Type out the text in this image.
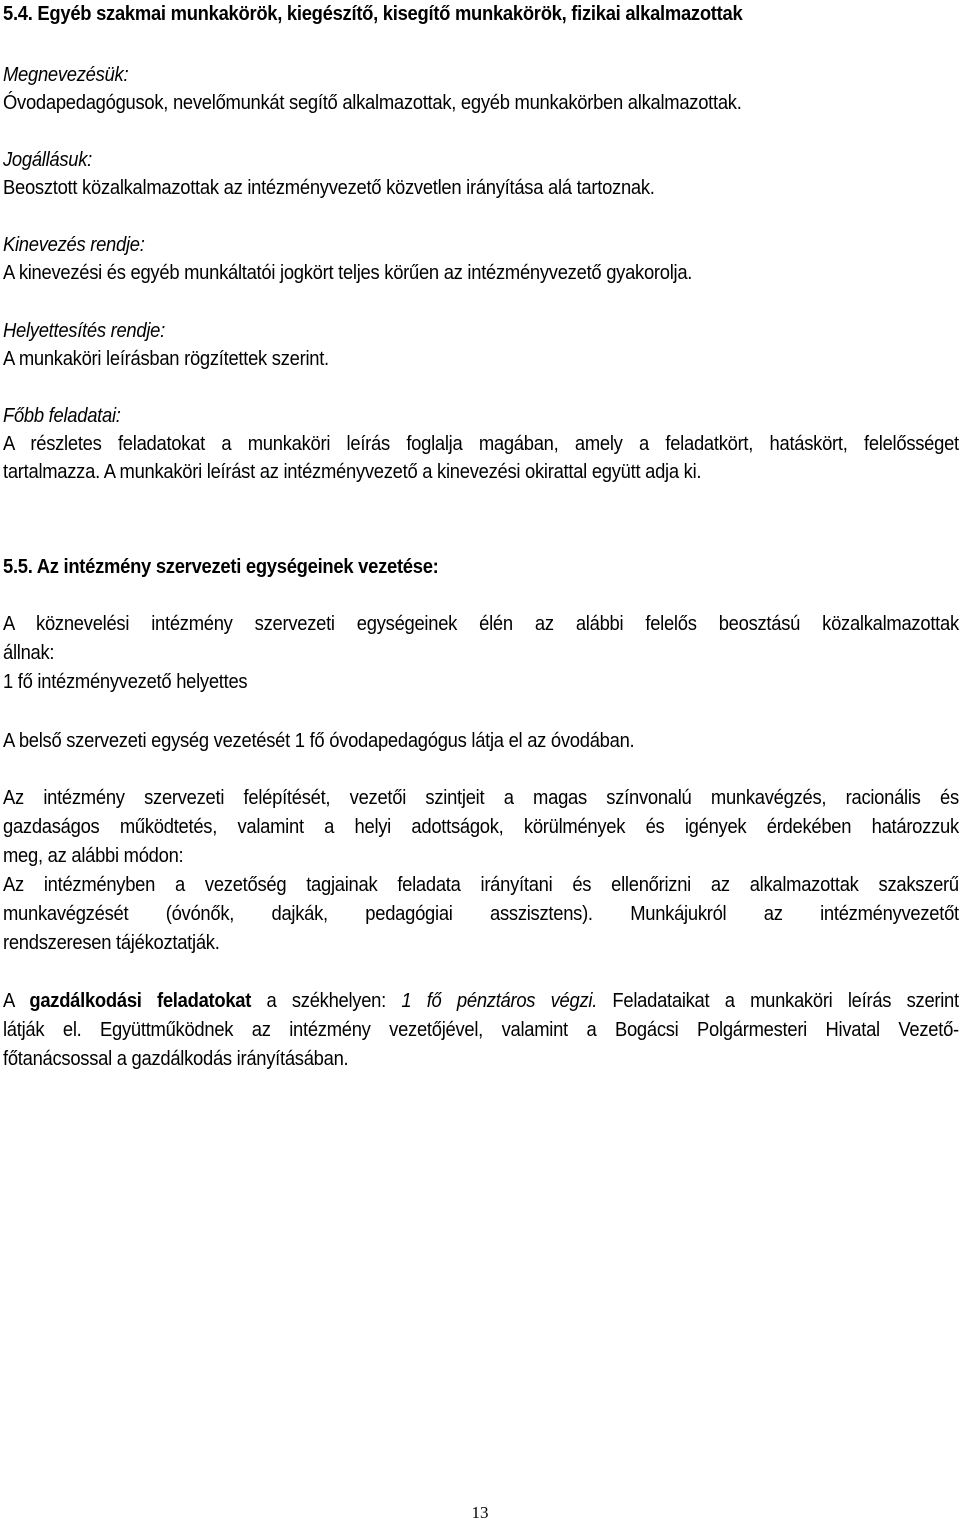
5.4. Egyéb szakmai munkakörök, kiegészítő, kisegítő munkakörök, fizikai alkalmazottak
Megnevezésük:
Óvodapedagógusok, nevelőmunkát segítő alkalmazottak, egyéb munkakörben alkalmazottak.
Jogállásuk:
Beosztott közalkalmazottak az intézményvezető közvetlen irányítása alá tartoznak.
Kinevezés rendje:
A kinevezési és egyéb munkáltatói jogkört teljes körűen az intézményvezető gyakorolja.
Helyettesítés rendje:
A munkaköri leírásban rögzítettek szerint.
Főbb feladatai:
A részletes feladatokat a munkaköri leírás foglalja magában, amely a feladatkört, hatáskört, felelősséget
tartalmazza. A munkaköri leírást az intézményvezető a kinevezési okirattal együtt adja ki.
5.5. Az intézmény szervezeti egységeinek vezetése:
A köznevelési intézmény szervezeti egységeinek élén az alábbi felelős beosztású közalkalmazottak
állnak:
1 fő intézményvezető helyettes
A belső szervezeti egység vezetését 1 fő óvodapedagógus látja el az óvodában.
Az intézmény szervezeti felépítését, vezetői szintjeit a magas színvonalú munkavégzés, racionális és
gazdaságos működtetés, valamint a helyi adottságok, körülmények és igények érdekében határozzuk
meg, az alábbi módon:
Az intézményben a vezetőség tagjainak feladata irányítani és ellenőrizni az alkalmazottak szakszerű
munkavégzését (óvónők, dajkák, pedagógiai asszisztens). Munkájukról az intézményvezetőt
rendszeresen tájékoztatják.
A gazdálkodási feladatokat a székhelyen: 1 fő pénztáros végzi. Feladataikat a munkaköri leírás szerint
látják el. Együttműködnek az intézmény vezetőjével, valamint a Bogácsi Polgármesteri Hivatal Vezető-
főtanácsossal a gazdálkodás irányításában.
13
